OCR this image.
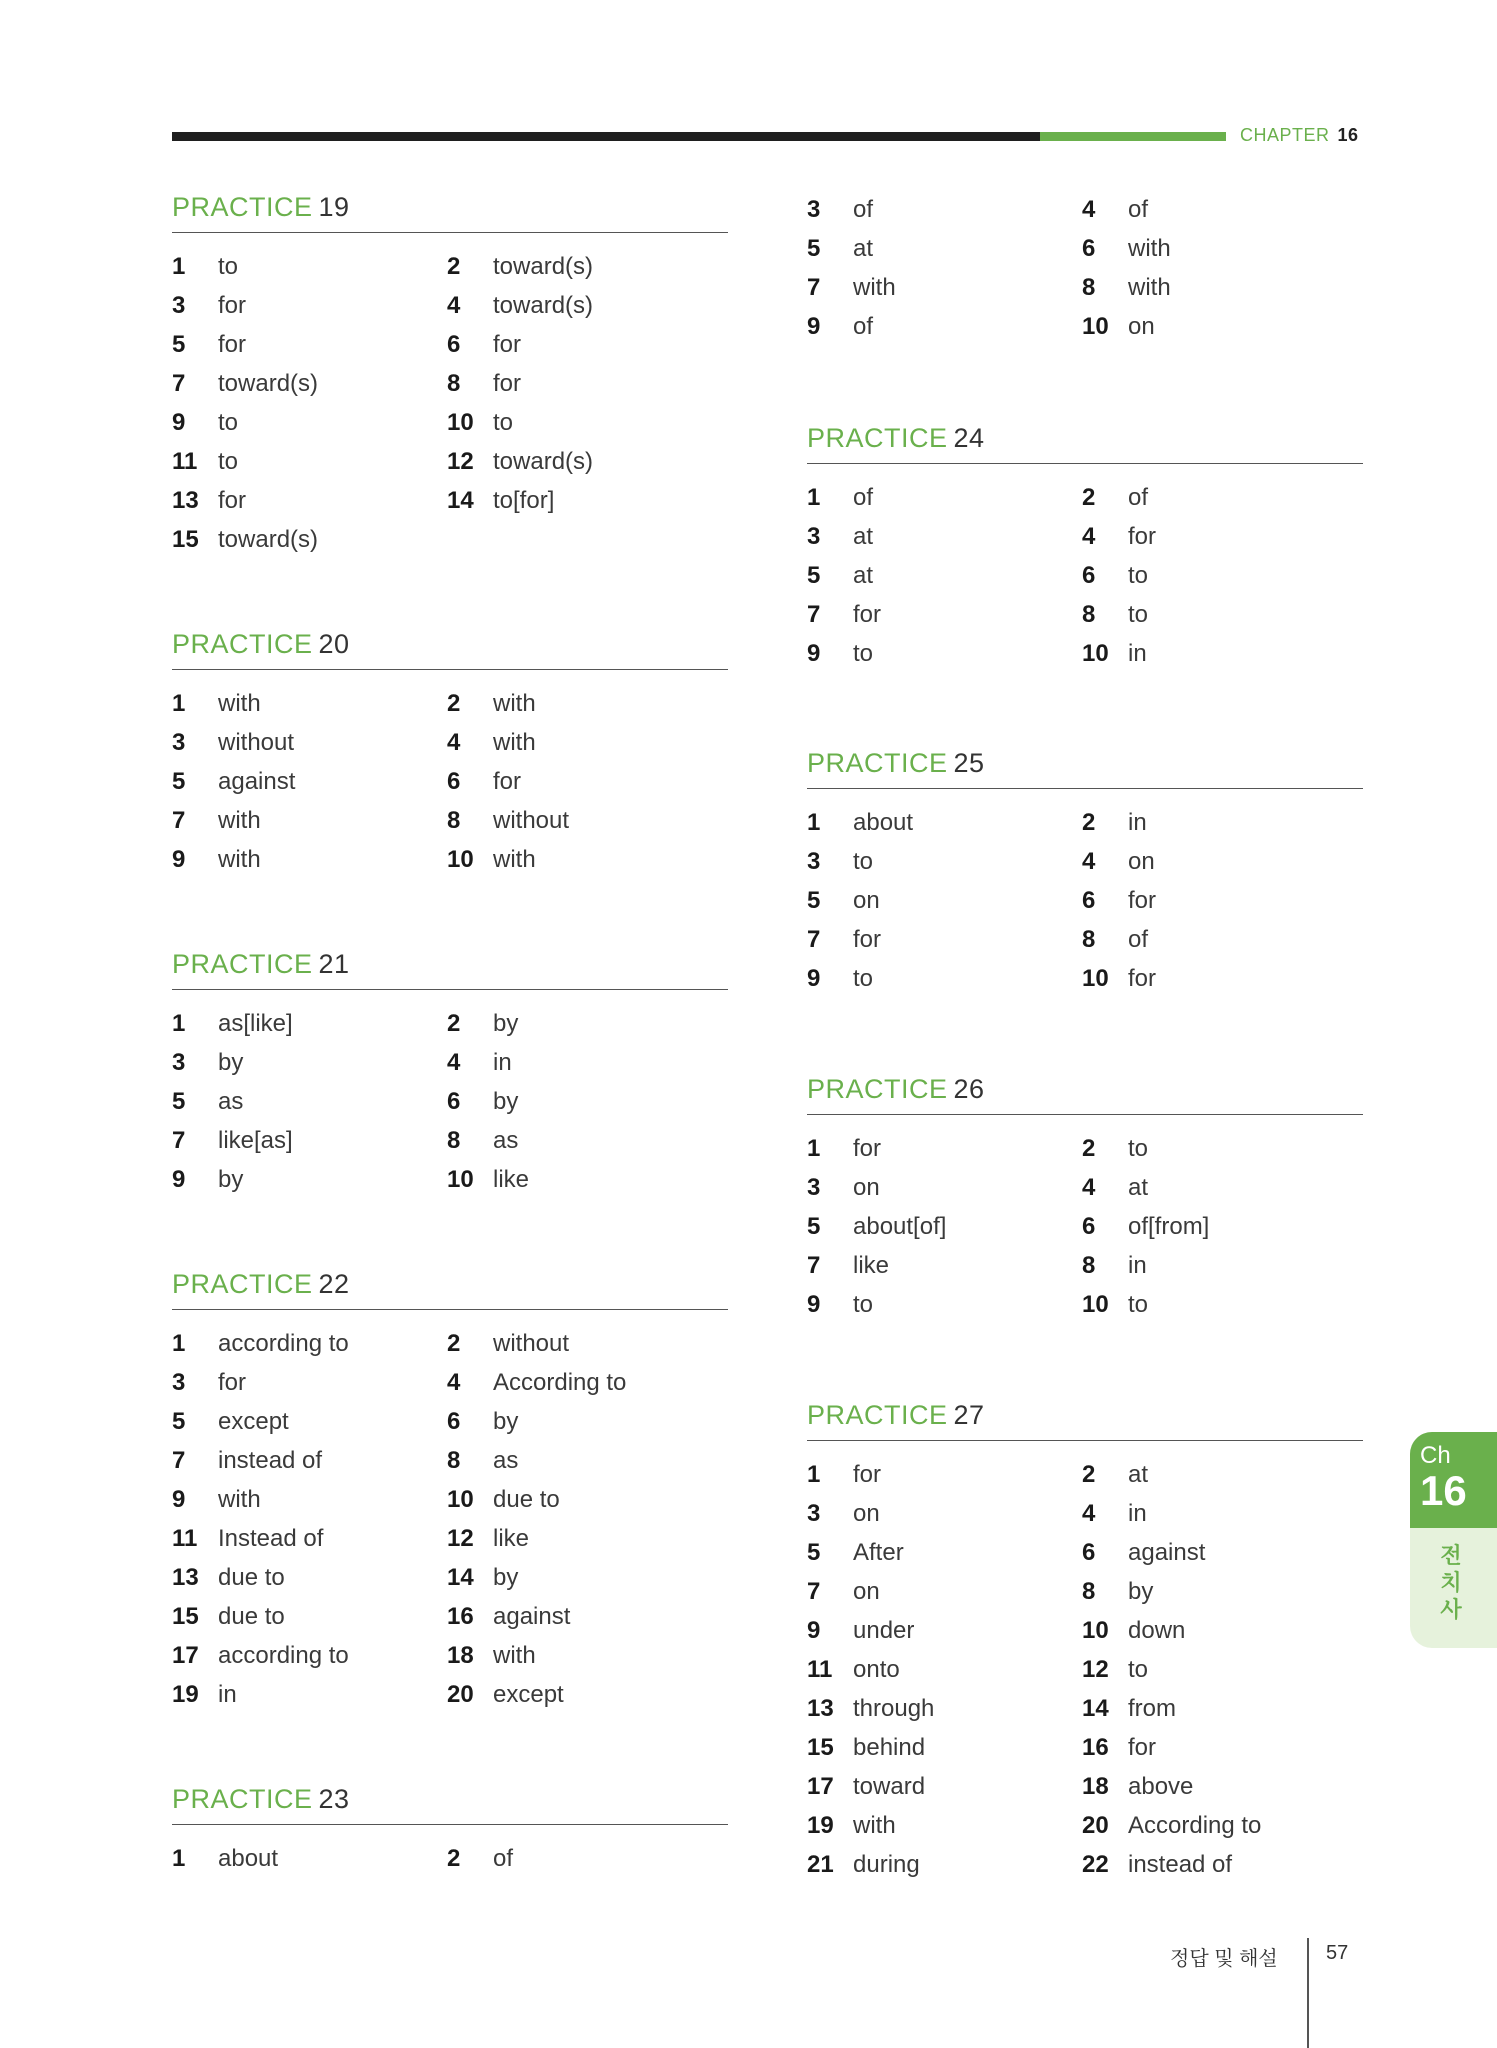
CHAPTER 16
PRACTICE 19
1 to	2 toward(s)
3 for	4 toward(s)
5 for	6 for
7 toward(s)	8 for
9 to	10 to
11 to	12 toward(s)
13 for	14 to[for]
15 toward(s)
PRACTICE 20
1 with	2 with
3 without	4 with
5 against	6 for
7 with	8 without
9 with	10 with
PRACTICE 21
1 as[like]	2 by
3 by	4 in
5 as	6 by
7 like[as]	8 as
9 by	10 like
PRACTICE 22
1 according to	2 without
3 for	4 According to
5 except	6 by
7 instead of	8 as
9 with	10 due to
11 Instead of	12 like
13 due to	14 by
15 due to	16 against
17 according to	18 with
19 in	20 except
PRACTICE 23
1 about	2 of
3 of	4 of
5 at	6 with
7 with	8 with
9 of	10 on
PRACTICE 24
1 of	2 of
3 at	4 for
5 at	6 to
7 for	8 to
9 to	10 in
PRACTICE 25
1 about	2 in
3 to	4 on
5 on	6 for
7 for	8 of
9 to	10 for
PRACTICE 26
1 for	2 to
3 on	4 at
5 about[of]	6 of[from]
7 like	8 in
9 to	10 to
PRACTICE 27
1 for	2 at
3 on	4 in
5 After	6 against
7 on	8 by
9 under	10 down
11 onto	12 to
13 through	14 from
15 behind	16 for
17 toward	18 above
19 with	20 According to
21 during	22 instead of
Ch
16
전
치
사
정답 및 해설 57
